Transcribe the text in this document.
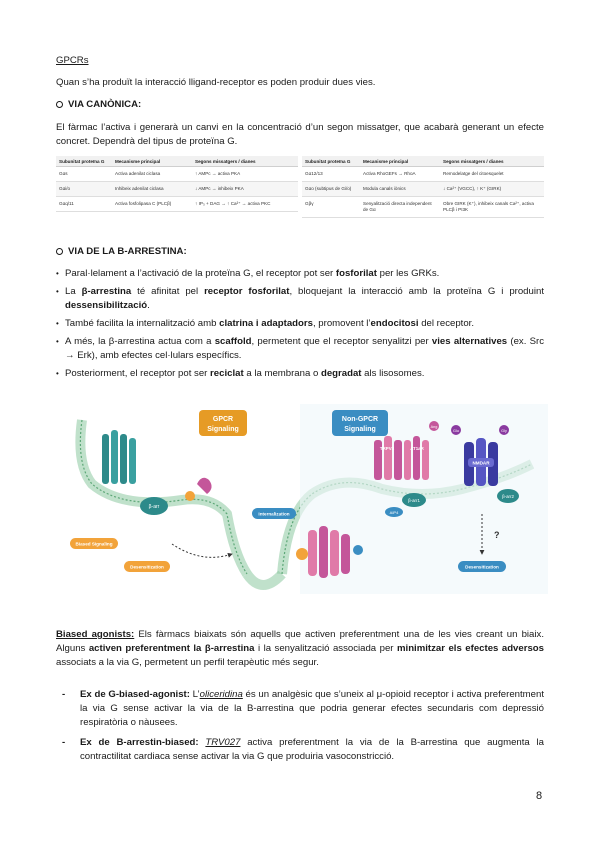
GPCRs
Quan s’ha produït la interacció lligand-receptor es poden produir dues vies.
VIA CANÒNICA:
El fàrmac l’activa i generarà un canvi en la concentració d’un segon missatger, que acabarà generant un efecte concret. Dependrà del tipus de proteïna G.
Subunitat proteïna G	Mecanisme principal	Segons missatgers / dianes
Gαs	Activa adenilat ciclasa	↑ AMPc → activa PKA
Gαi/o	Inhibeix adenilat ciclasa	↓ AMPc → inhibeix PKA
Gαq/11	Activa fosfolipasa C (PLCβ)	↑ IP₃ + DAG → ↑ Ca²⁺ → activa PKC
Subunitat proteïna G	Mecanisme principal	Segons missatgers / dianes
Gα12/13	Activa RhoGEFs → RhoA	Remodelatge del citoesquelet
Gαo (subtipus de Gi/o)	Modula canals iònics	↓ Ca²⁺ (VGCC), ↑ K⁺ (GIRK)
Gβγ	Senyalització directa independent de Gα	Obre GIRK (K⁺), inhibeix canals Ca²⁺, activa PLCβ i PI3K
VIA DE LA B-ARRESTINA:
• Paral·lelament a l’activació de la proteïna G, el receptor pot ser fosforilat per les GRKs.
• La β-arrestina té afinitat pel receptor fosforilat, bloquejant la interacció amb la proteïna G i produint dessensibilització.
• També facilita la internalització amb clatrina i adaptadors, promovent l’endocitosi del receptor.
• A més, la β-arrestina actua com a scaffold, permetent que el receptor senyalitzi per vies alternatives (ex. Src → Erk), amb efectes cel·lulars específics.
• Posteriorment, el receptor pot ser reciclat a la membrana o degradat als lisosomes.
GPCR
Signaling
Non-GPCR
Signaling
β-arr
Biased Signaling
Desensitization
Internalization
TRPV4	AT1aR
Ang
β-arr1
AIP4
NMDAR
Glu	Gly
β-arr2
?
Desensitization
Biased agonists: Els fàrmacs biaixats són aquells que activen preferentment una de les vies creant un biaix. Alguns activen preferentment la β-arrestina i la senyalització associada per minimitzar els efectes adversos associats a la via G, permetent un perfil terapèutic més segur.
- Ex de G-biased-agonist: L’oliceridina és un analgèsic que s’uneix al μ-opioid receptor i activa preferentment la via G sense activar la via de la B-arrestina que podria generar efectes secundaris com depressió respiratòria o nàusees.
- Ex de B-arrestin-biased: TRV027 activa preferentment la via de la B-arrestina que augmenta la contractilitat cardiaca sense activar la via G que produiria vasoconstricció.
8
